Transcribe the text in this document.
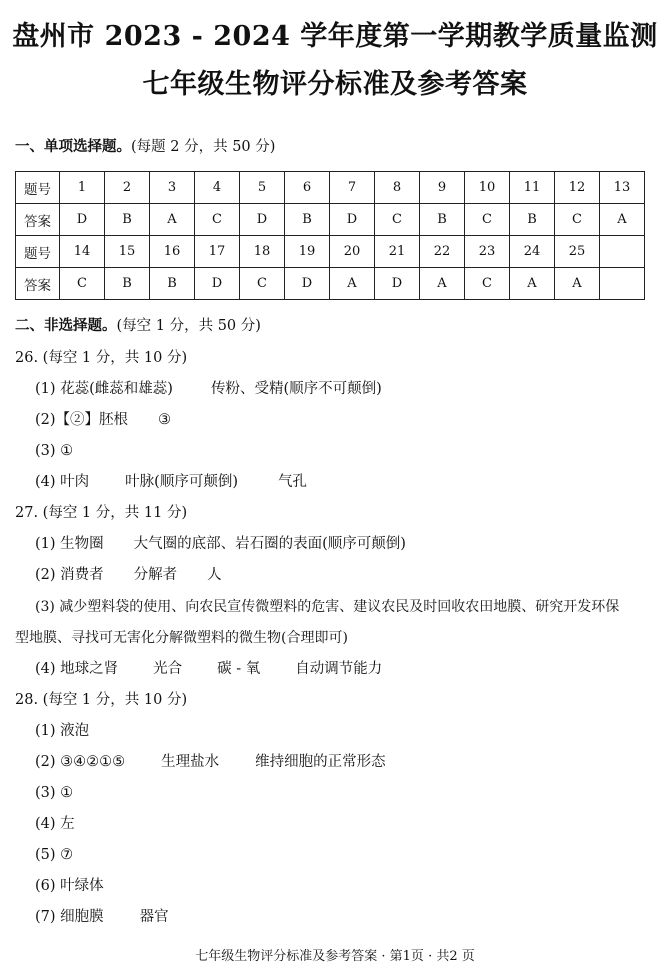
盘州市 2023 - 2024 学年度第一学期教学质量监测
七年级生物评分标准及参考答案
一、单项选择题。(每题 2 分，共 50 分)
题号	1	2	3	4	5	6	7	8	9	10	11	12	13
答案	D	B	A	C	D	B	D	C	B	C	B	C	A
题号	14	15	16	17	18	19	20	21	22	23	24	25	
答案	C	B	B	D	C	D	A	D	A	C	A	A	
二、非选择题。(每空 1 分，共 50 分)
26. (每空 1 分，共 10 分)
(1) 花蕊(雌蕊和雄蕊)	传粉、受精(顺序不可颠倒)
(2)【②】胚根 ③
(3) ①
(4) 叶肉 叶脉(顺序可颠倒)	气孔
27. (每空 1 分，共 11 分)
(1) 生物圈 大气圈的底部、岩石圈的表面(顺序可颠倒)
(2) 消费者 分解者 人
(3) 减少塑料袋的使用、向农民宣传微塑料的危害、建议农民及时回收农田地膜、研究开发环保
型地膜、寻找可无害化分解微塑料的微生物(合理即可)
(4) 地球之肾 光合 碳 - 氧 自动调节能力
28. (每空 1 分，共 10 分)
(1) 液泡
(2) ③④②①⑤ 生理盐水 维持细胞的正常形态
(3) ①
(4) 左
(5) ⑦
(6) 叶绿体
(7) 细胞膜 器官
七年级生物评分标准及参考答案 · 第1页 · 共2 页
